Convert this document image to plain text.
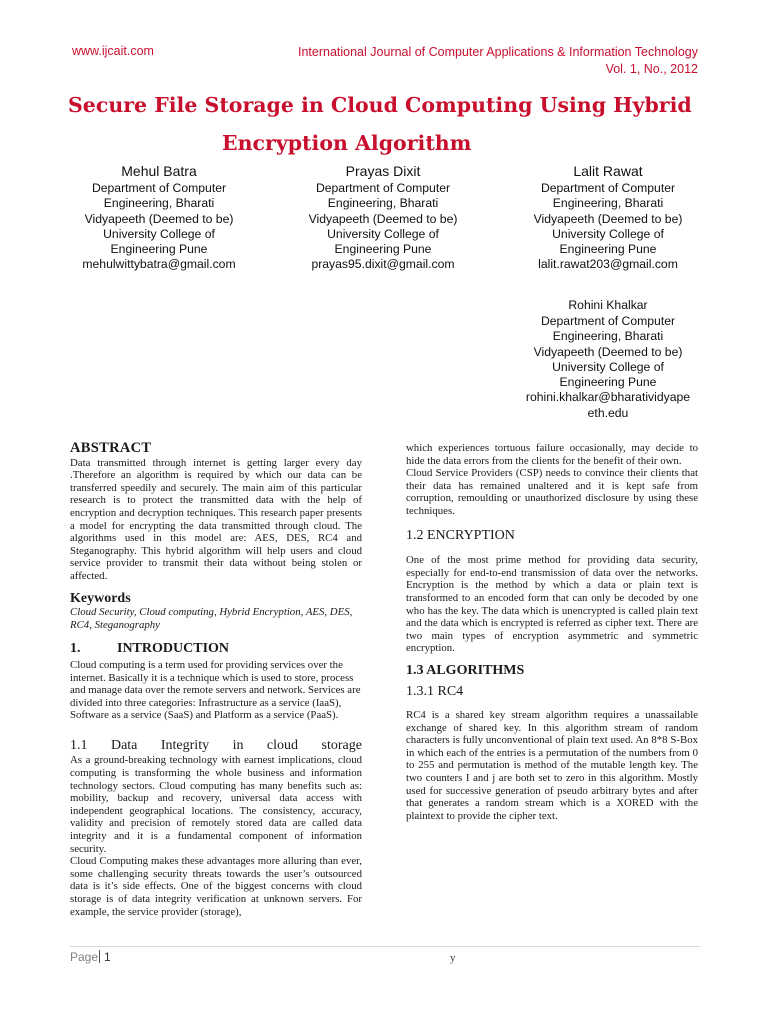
www.ijcait.com	International Journal of Computer Applications & Information Technology
Vol. 1, No., 2012
Secure File Storage in Cloud Computing Using Hybrid
Encryption Algorithm
Mehul Batra
Department of Computer
Engineering, Bharati
Vidyapeeth (Deemed to be)
University College of
Engineering Pune
mehulwittybatra@gmail.com
Prayas Dixit
Department of Computer
Engineering, Bharati
Vidyapeeth (Deemed to be)
University College of
Engineering Pune
prayas95.dixit@gmail.com
Lalit Rawat
Department of Computer
Engineering, Bharati
Vidyapeeth (Deemed to be)
University College of
Engineering Pune
lalit.rawat203@gmail.com
Rohini Khalkar
Department of Computer
Engineering, Bharati
Vidyapeeth (Deemed to be)
University College of
Engineering Pune
rohini.khalkar@bharatividyape
eth.edu
ABSTRACT

Data transmitted through internet is getting larger every day .Therefore an algorithm is required by which our data can be transferred speedily and securely. The main aim of this particular research is to protect the transmitted data with the help of encryption and decryption techniques. This research paper presents a model for encrypting the data transmitted through cloud. The algorithms used in this model are: AES, DES, RC4 and Steganography. This hybrid algorithm will help users and cloud service provider to transmit their data without being stolen or affected.

Keywords

Cloud Security, Cloud computing, Hybrid Encryption, AES, DES, RC4, Steganography

1.	INTRODUCTION

Cloud computing is a term used for providing services over the internet. Basically it is a technique which is used to store, process and manage data over the remote servers and network. Services are divided into three categories: Infrastructure as a service (IaaS), Software as a service (SaaS) and Platform as a service (PaaS).

1.1 Data Integrity in cloud storage

As a ground-breaking technology with earnest implications, cloud computing is transforming the whole business and information technology sectors. Cloud computing has many benefits such as: mobility, backup and recovery, universal data access with independent geographical locations. The consistency, accuracy, validity and precision of remotely stored data are called data integrity and it is a fundamental component of information security.

Cloud Computing makes these advantages more alluring than ever, some challenging security threats towards the user’s outsourced data is it’s side effects. One of the biggest concerns with cloud storage is of data integrity verification at unknown servers. For example, the service provider (storage),

which experiences tortuous failure occasionally, may decide to hide the data errors from the clients for the benefit of their own.

Cloud Service Providers (CSP) needs to convince their clients that their data has remained unaltered and it is kept safe from corruption, remoulding or unauthorized disclosure by using these techniques.

1.2 ENCRYPTION

One of the most prime method for providing data security, especially for end-to-end transmission of data over the networks. Encryption is the method by which a data or plain text is transformed to an encoded form that can only be decoded by one who has the key. The data which is unencrypted is called plain text and the data which is encrypted is referred as cipher text. There are two main types of encryption asymmetric and symmetric encryption.

1.3 ALGORITHMS
1.3.1 RC4

RC4 is a shared key stream algorithm requires a unassailable exchange of shared key. In this algorithm stream of random characters is fully unconventional of plain text used. An 8*8 S-Box in which each of the entries is a permutation of the numbers from 0 to 255 and permutation is method of the mutable length key. The two counters I and j are both set to zero in this algorithm. Mostly used for successive generation of pseudo arbitrary bytes and after that generates a random stream which is a XORED with the plaintext to provide the cipher text.

Page 1	y
